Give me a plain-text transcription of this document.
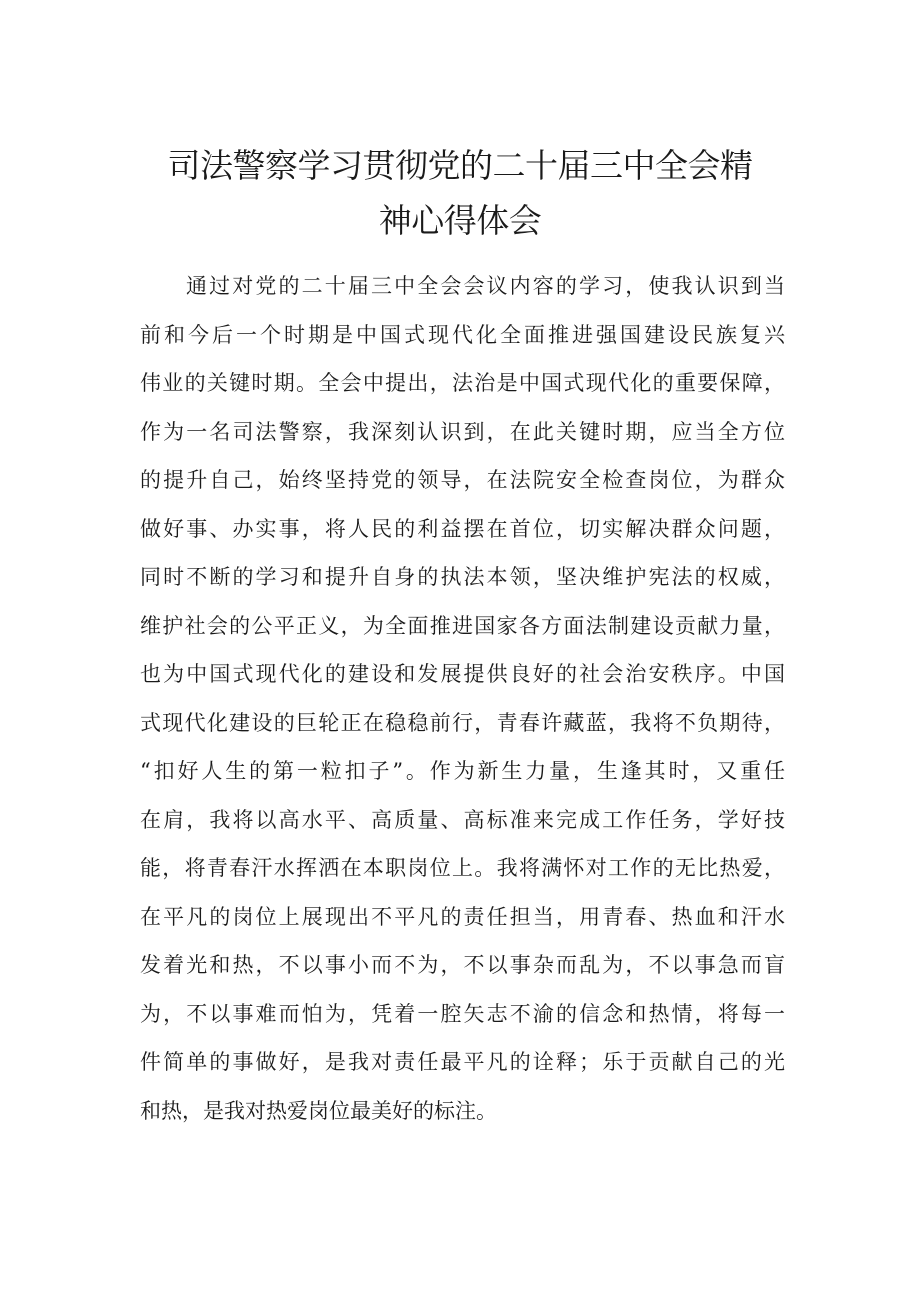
司法警察学习贯彻党的二十届三中全会精
神心得体会
通过对党的二十届三中全会会议内容的学习，使我认识到当
前和今后一个时期是中国式现代化全面推进强国建设民族复兴
伟业的关键时期。全会中提出，法治是中国式现代化的重要保障，
作为一名司法警察，我深刻认识到，在此关键时期，应当全方位
的提升自己，始终坚持党的领导，在法院安全检查岗位，为群众
做好事、办实事，将人民的利益摆在首位，切实解决群众问题，
同时不断的学习和提升自身的执法本领，坚决维护宪法的权威，
维护社会的公平正义，为全面推进国家各方面法制建设贡献力量，
也为中国式现代化的建设和发展提供良好的社会治安秩序。中国
式现代化建设的巨轮正在稳稳前行，青春许藏蓝，我将不负期待，
“扣好人生的第一粒扣子”。作为新生力量，生逢其时，又重任
在肩，我将以高水平、高质量、高标准来完成工作任务，学好技
能，将青春汗水挥洒在本职岗位上。我将满怀对工作的无比热爱，
在平凡的岗位上展现出不平凡的责任担当，用青春、热血和汗水
发着光和热，不以事小而不为，不以事杂而乱为，不以事急而盲
为，不以事难而怕为，凭着一腔矢志不渝的信念和热情，将每一
件简单的事做好，是我对责任最平凡的诠释；乐于贡献自己的光
和热，是我对热爱岗位最美好的标注。
